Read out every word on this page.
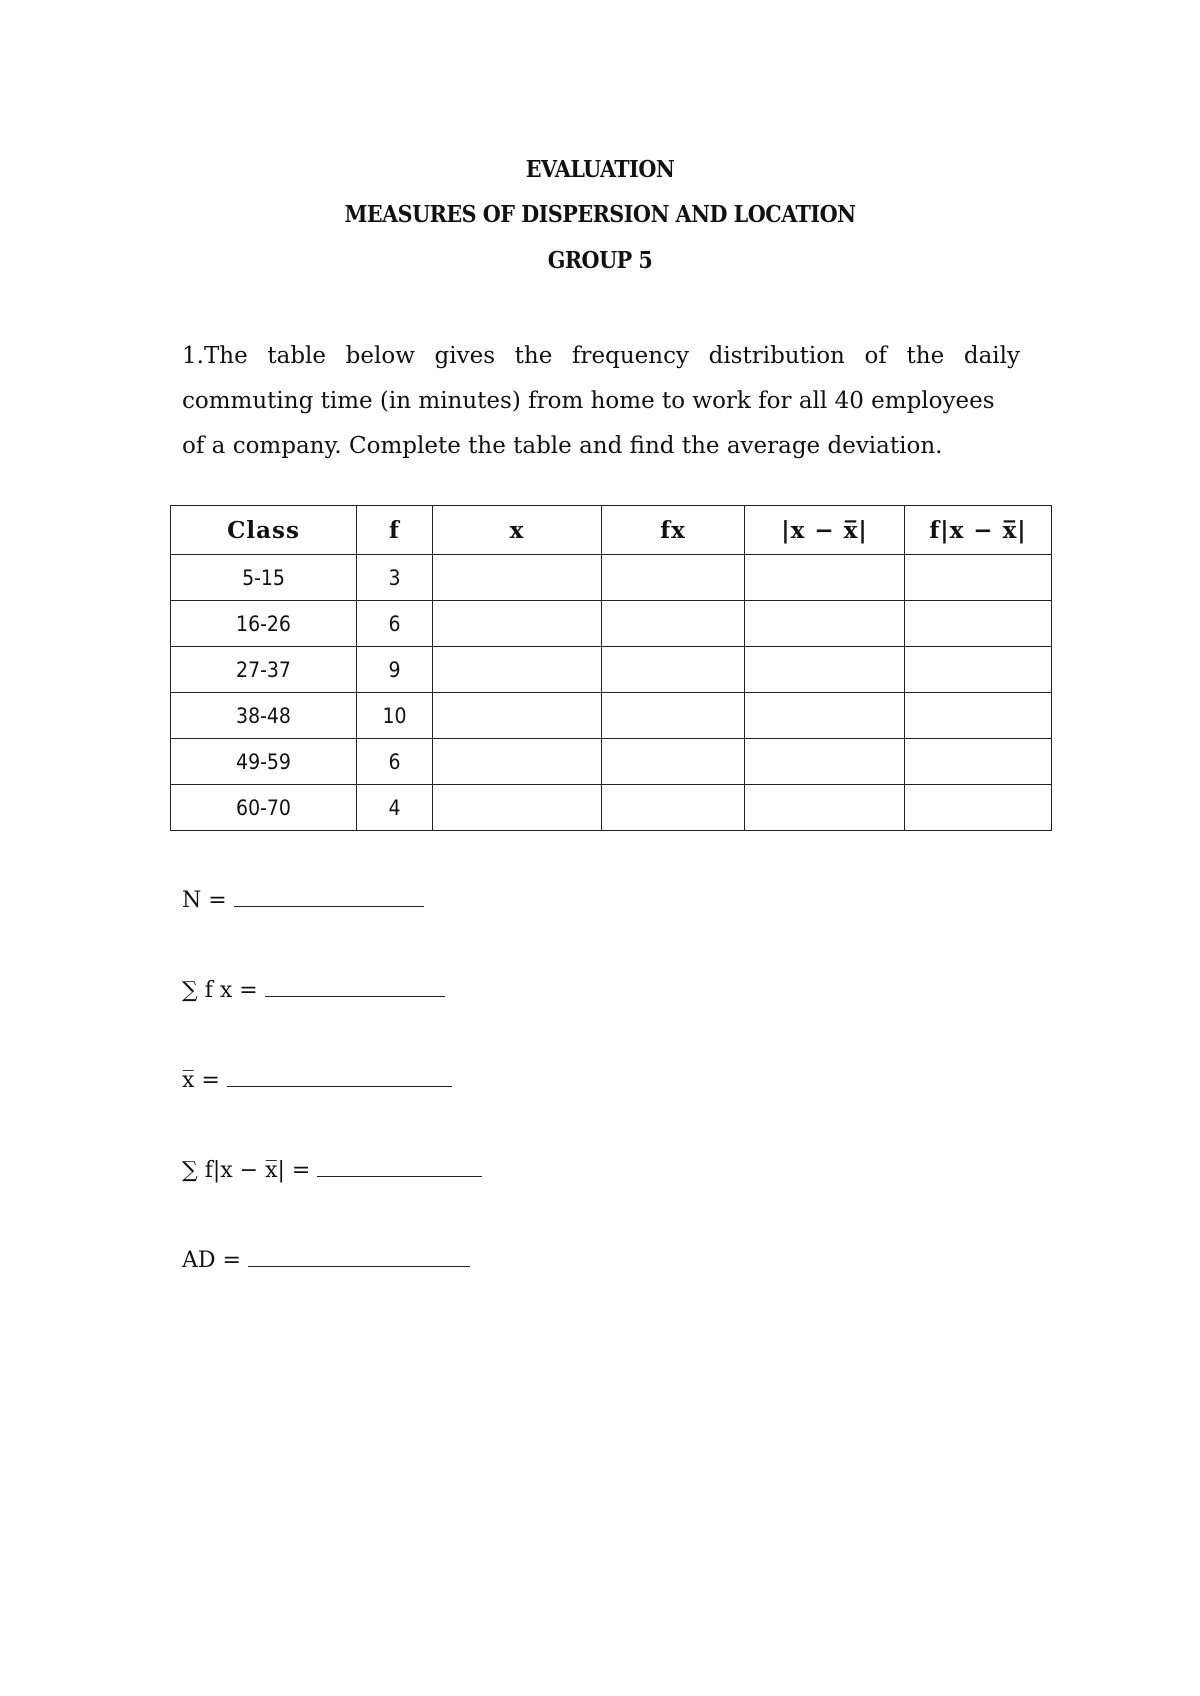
EVALUATION
MEASURES OF DISPERSION AND LOCATION
GROUP 5
1.The table below gives the frequency distribution of the daily
commuting time (in minutes) from home to work for all 40 employees
of a company. Complete the table and find the average deviation.
Class	f	x	fx	|x − x̅|	f|x − x̅|
5-15	3				
16-26	6				
27-37	9				
38-48	10				
49-59	6				
60-70	4				
N =
∑ f x =
x̅ =
∑ f|x − x̅| =
AD =
